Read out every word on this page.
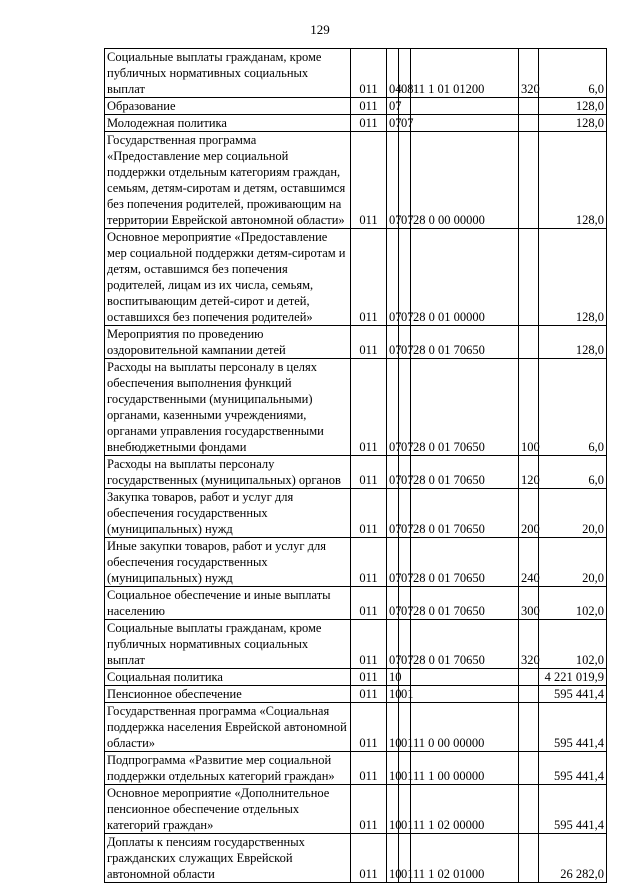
129
Социальные выплаты гражданам, кроме публичных нормативных социальных выплат	011	04	08	11 1 01 01200	320	6,0
Образование	011	07				128,0
Молодежная политика	011	07	07			128,0
Государственная программа «Предоставление мер социальной поддержки отдельным категориям граждан, семьям, детям-сиротам и детям, оставшимся без попечения родителей, проживающим на территории Еврейской автономной области»	011	07	07	28 0 00 00000		128,0
Основное мероприятие «Предоставление мер социальной поддержки детям-сиротам и детям, оставшимся без попечения родителей, лицам из их числа, семьям, воспитывающим детей-сирот и детей, оставшихся без попечения родителей»	011	07	07	28 0 01 00000		128,0
Мероприятия по проведению оздоровительной кампании детей	011	07	07	28 0 01 70650		128,0
Расходы на выплаты персоналу в целях обеспечения выполнения функций государственными (муниципальными) органами, казенными учреждениями, органами управления государственными внебюджетными фондами	011	07	07	28 0 01 70650	100	6,0
Расходы на выплаты персоналу государственных (муниципальных) органов	011	07	07	28 0 01 70650	120	6,0
Закупка товаров, работ и услуг для обеспечения государственных (муниципальных) нужд	011	07	07	28 0 01 70650	200	20,0
Иные закупки товаров, работ и услуг для обеспечения государственных (муниципальных) нужд	011	07	07	28 0 01 70650	240	20,0
Социальное обеспечение и иные выплаты населению	011	07	07	28 0 01 70650	300	102,0
Социальные выплаты гражданам, кроме публичных нормативных социальных выплат	011	07	07	28 0 01 70650	320	102,0
Социальная политика	011	10				4 221 019,9
Пенсионное обеспечение	011	10	01			595 441,4
Государственная программа «Социальная поддержка населения Еврейской автономной области»	011	10	01	11 0 00 00000		595 441,4
Подпрограмма «Развитие мер социальной поддержки отдельных категорий граждан»	011	10	01	11 1 00 00000		595 441,4
Основное мероприятие «Дополнительное пенсионное обеспечение отдельных категорий граждан»	011	10	01	11 1 02 00000		595 441,4
Доплаты к пенсиям государственных гражданских служащих Еврейской автономной области	011	10	01	11 1 02 01000		26 282,0
